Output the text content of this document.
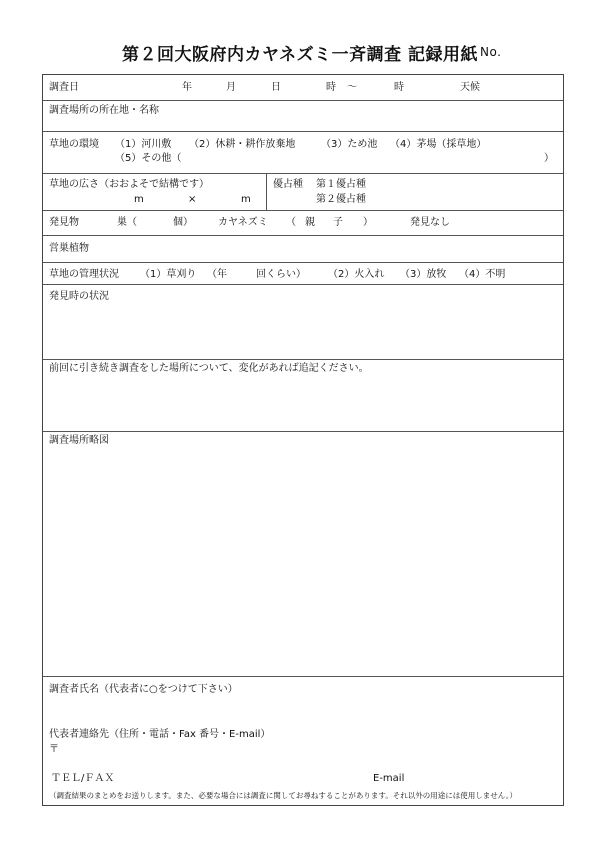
第２回大阪府内カヤネズミ一斉調査 記録用紙 No.
調査日	年	月	日	時 ～	時	天候
調査場所の所在地・名称
草地の環境 （1）河川敷 （2）休耕・耕作放棄地	（3）ため池 （4）茅場（採草地）
（5）その他（	）
草地の広さ（おおよそで結構です）
m	×	m
優占種 第１優占種
第２優占種
発見物	巣（	個）	カヤネズミ （ 親 子 ）	発見なし
営巣植物
草地の管理状況 （1）草刈り （年	回くらい） （2）火入れ （3）放牧 （4）不明
発見時の状況
前回に引き続き調査をした場所について、変化があれば追記ください。
調査場所略図
調査者氏名（代表者に○をつけて下さい）
代表者連絡先（住所・電話・Fax 番号・E-mail）
〒
ＴＥＬ/ＦＡＸ	E-mail
（調査結果のまとめをお送りします。また、必要な場合には調査に関してお尋ねすることがあります。それ以外の用途には使用しません。）
